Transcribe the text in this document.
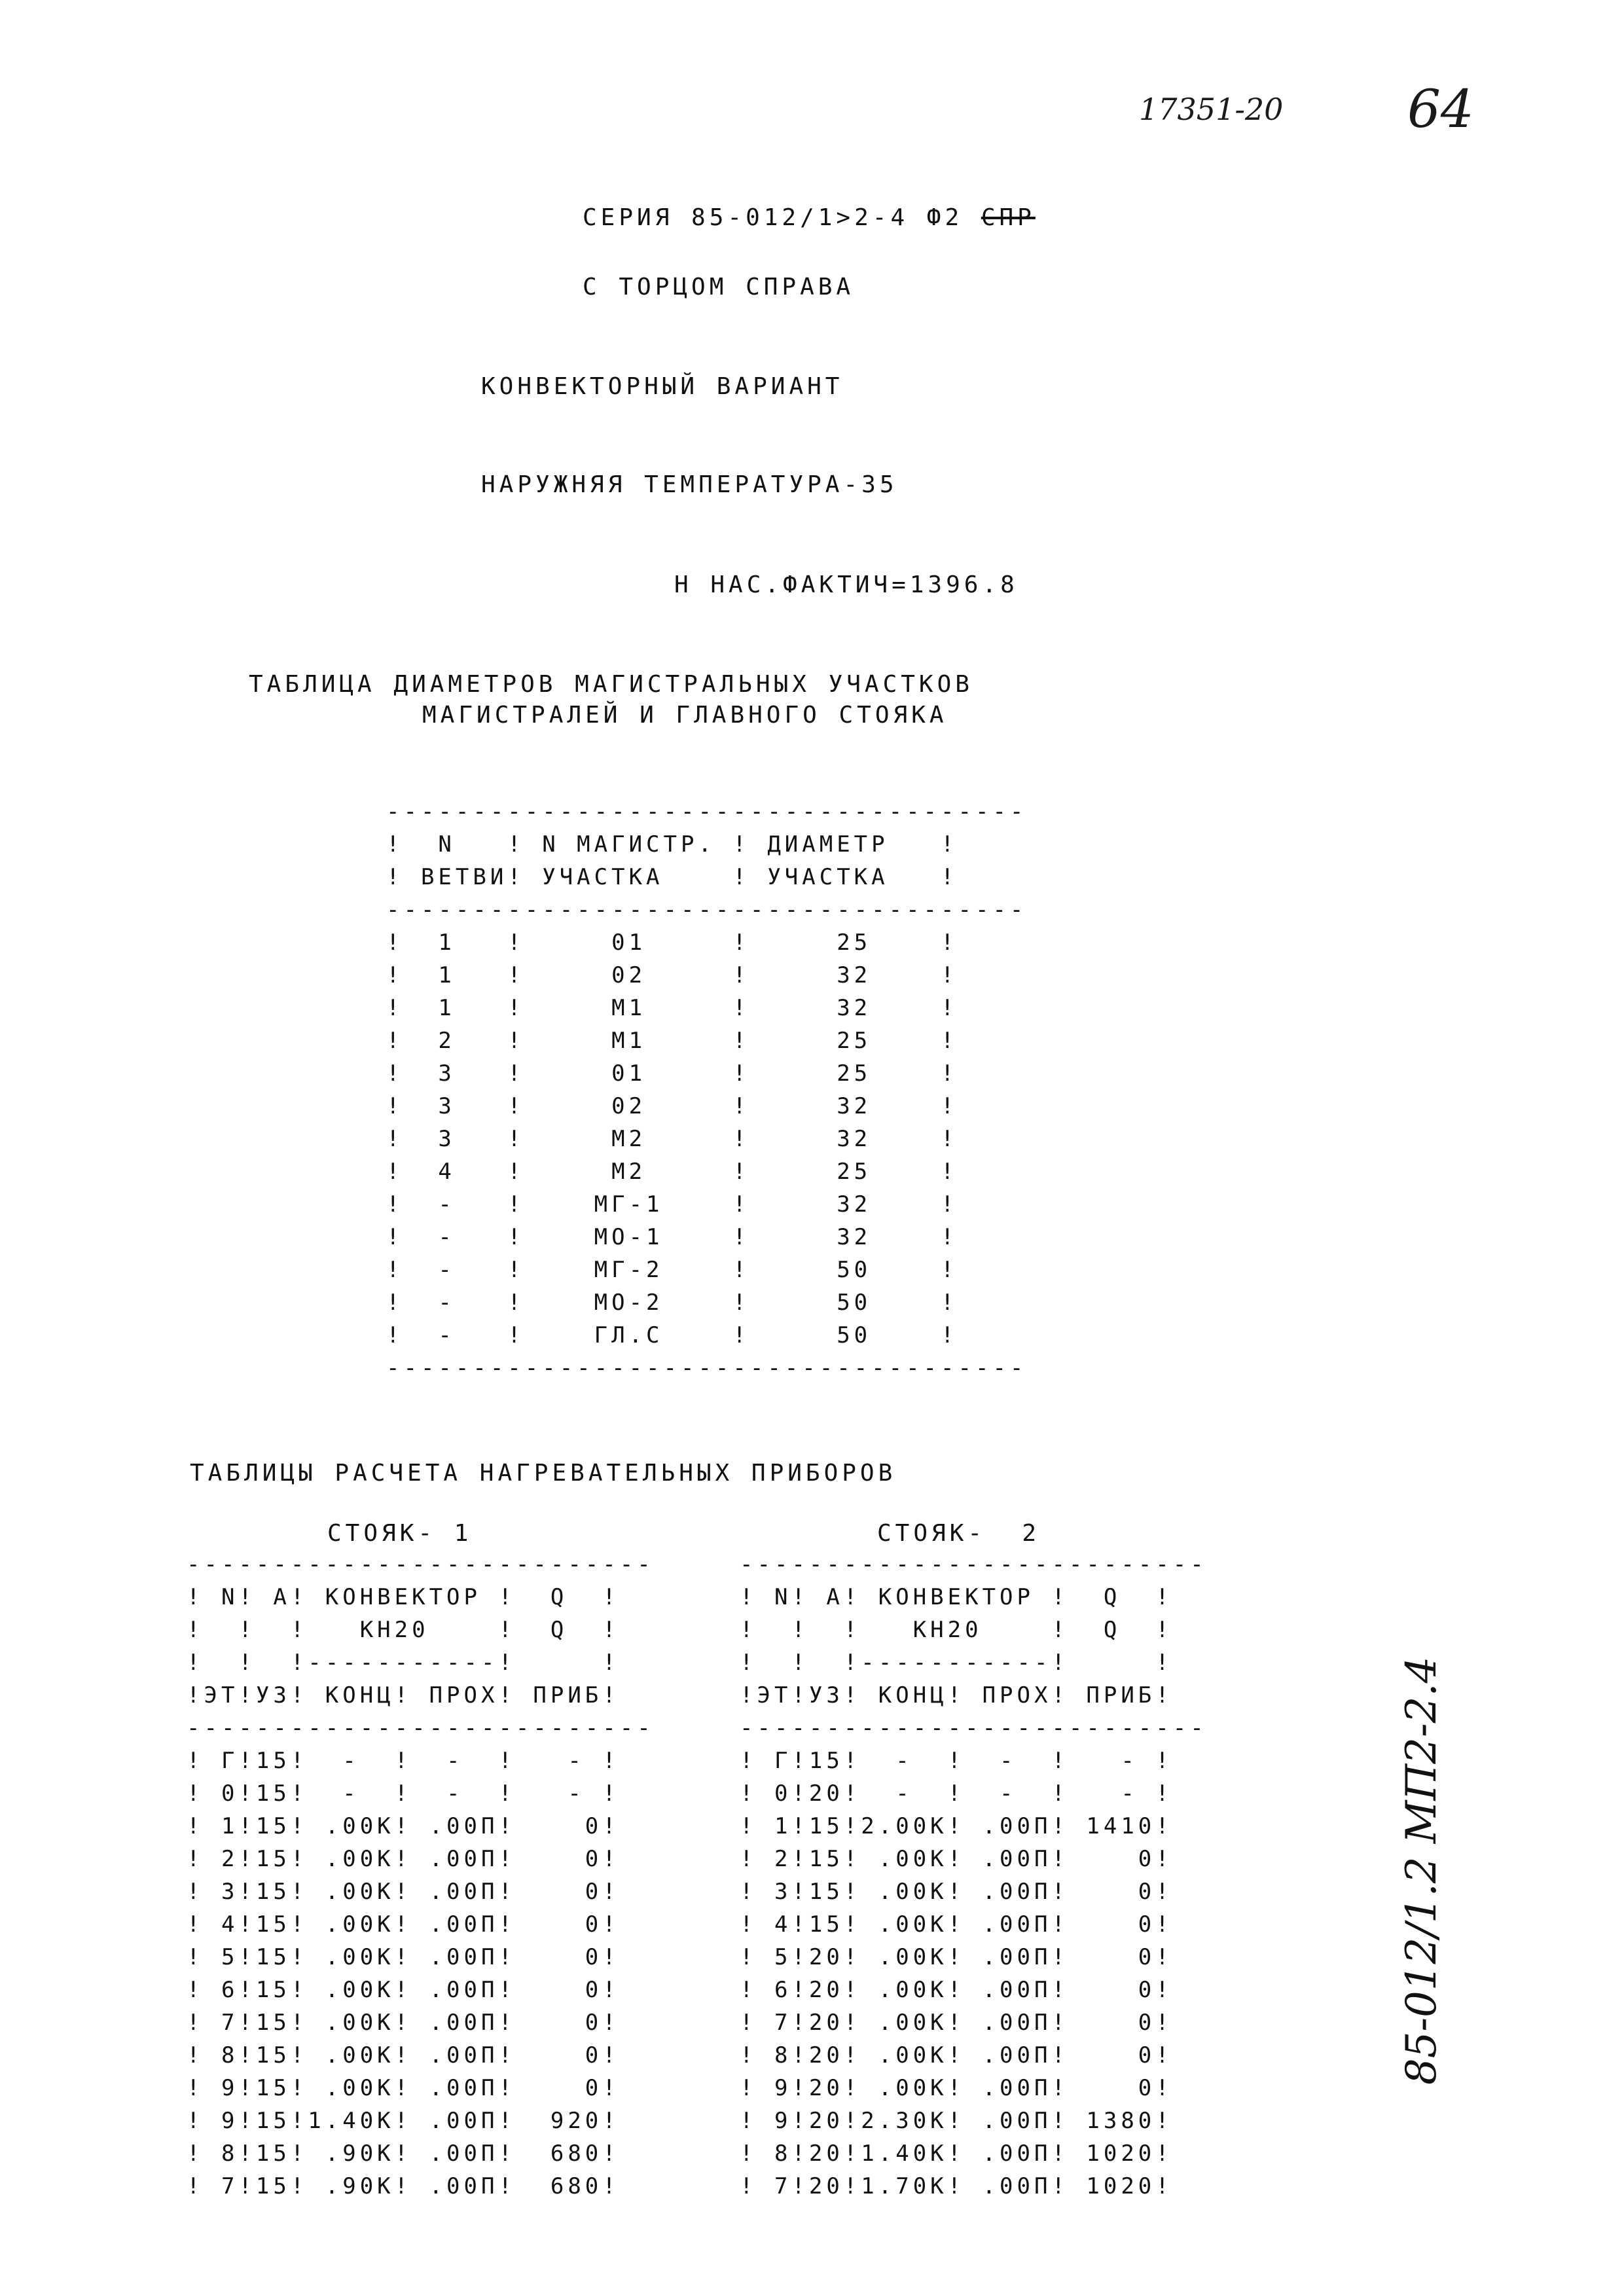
17351-20 64
СЕРИЯ 85-012/1>2-4 Ф2 СПР
С ТОРЦОМ СПРАВА
КОНВЕКТОРНЫЙ ВАРИАНТ
НАРУЖНЯЯ ТЕМПЕРАТУРА-35
Н НАС.ФАКТИЧ=1396.8
ТАБЛИЦА ДИАМЕТРОВ МАГИСТРАЛЬНЫХ УЧАСТКОВ
МАГИСТРАЛЕЙ И ГЛАВНОГО СТОЯКА
-------------------------------------
!  N   ! N МАГИСТР. ! ДИАМЕТР   !
! ВЕТВИ! УЧАСТКА    ! УЧАСТКА   !
-------------------------------------
!  1   !     01     !     25    !
!  1   !     02     !     32    !
!  1   !     М1     !     32    !
!  2   !     М1     !     25    !
!  3   !     01     !     25    !
!  3   !     02     !     32    !
!  3   !     М2     !     32    !
!  4   !     М2     !     25    !
!  -   !    МГ-1    !     32    !
!  -   !    МО-1    !     32    !
!  -   !    МГ-2    !     50    !
!  -   !    МО-2    !     50    !
!  -   !    ГЛ.С    !     50    !
-------------------------------------
ТАБЛИЦЫ РАСЧЕТА НАГРЕВАТЕЛЬНЫХ ПРИБОРОВ
СТОЯК- 1
---------------------------
! N! А! КОНВЕКТОР !  Q  !
!  !  !   КН20    !  Q  !
!  !  !-----------!     !
!ЭТ!УЗ! КОНЦ! ПРОХ! ПРИБ!
---------------------------
! Г!15!  -  !  -  !   - !
! 0!15!  -  !  -  !   - !
! 1!15! .00К! .00П!    0!
! 2!15! .00К! .00П!    0!
! 3!15! .00К! .00П!    0!
! 4!15! .00К! .00П!    0!
! 5!15! .00К! .00П!    0!
! 6!15! .00К! .00П!    0!
! 7!15! .00К! .00П!    0!
! 8!15! .00К! .00П!    0!
! 9!15! .00К! .00П!    0!
! 9!15!1.40К! .00П!  920!
! 8!15! .90К! .00П!  680!
! 7!15! .90К! .00П!  680!
СТОЯК-  2
---------------------------
! N! А! КОНВЕКТОР !  Q  !
!  !  !   КН20    !  Q  !
!  !  !-----------!     !
!ЭТ!УЗ! КОНЦ! ПРОХ! ПРИБ!
---------------------------
! Г!15!  -  !  -  !   - !
! 0!20!  -  !  -  !   - !
! 1!15!2.00К! .00П! 1410!
! 2!15! .00К! .00П!    0!
! 3!15! .00К! .00П!    0!
! 4!15! .00К! .00П!    0!
! 5!20! .00К! .00П!    0!
! 6!20! .00К! .00П!    0!
! 7!20! .00К! .00П!    0!
! 8!20! .00К! .00П!    0!
! 9!20! .00К! .00П!    0!
! 9!20!2.30К! .00П! 1380!
! 8!20!1.40К! .00П! 1020!
! 7!20!1.70К! .00П! 1020!
85-012/1.2 МП2-2.4
